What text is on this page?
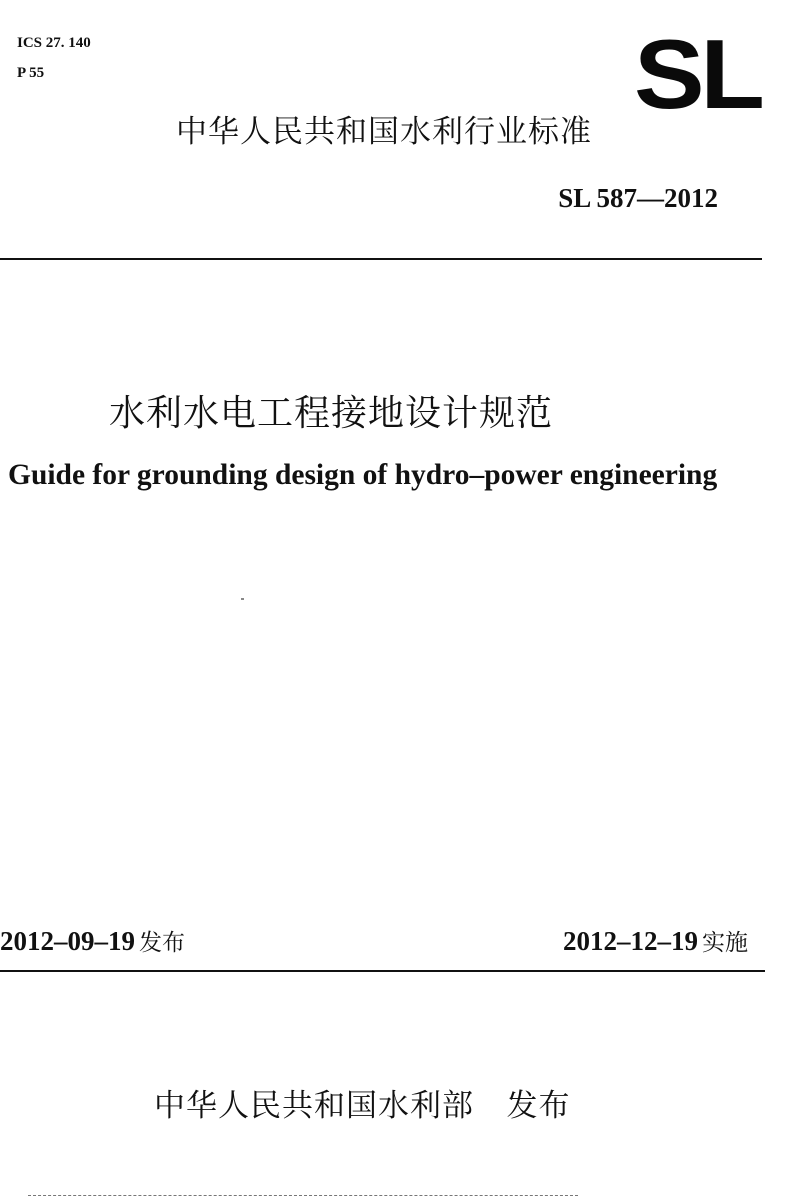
ICS 27. 140
P 55	SL
中华人民共和国水利行业标准
SL 587—2012
水利水电工程接地设计规范
Guide for grounding design of hydro–power engineering
2012–09–19 发布	2012–12–19 实施
中华人民共和国水利部   发布
